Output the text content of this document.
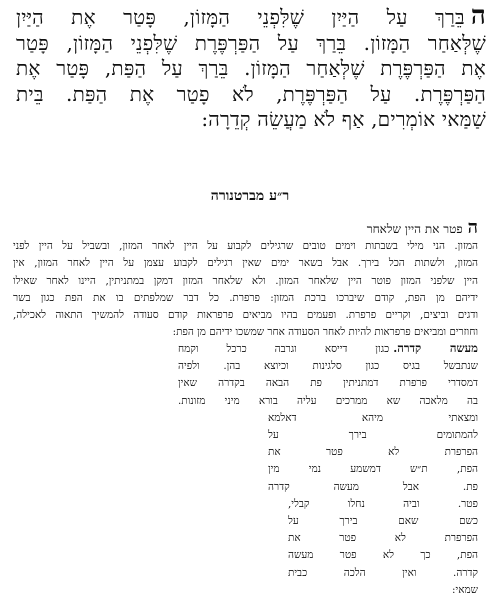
הבֵּרַךְ עַל הַיַּיִן שֶׁלִּפְנֵי הַמָּזוֹן, פָּטַר אֶת הַיַּיִן
שֶׁלְּאַחַר הַמָּזוֹן. בֵּרַךְ עַל הַפַּרְפֶּרֶת שֶׁלִּפְנֵי הַמָּזוֹן, פָּטַר
אֶת הַפַּרְפֶּרֶת שֶׁלְּאַחַר הַמָּזוֹן. בֵּרַךְ עַל הַפַּת, פָּטַר אֶת
הַפַּרְפֶּרֶת. עַל הַפַּרְפֶּרֶת, לֹא פָטַר אֶת הַפַּת. בֵּית
שַׁמַּאי אוֹמְרִים, אַף לֹא מַעֲשֵׂה קְדֵרָה:
ר״ע מברטנורה
הפטר את היין שלאחר
המזון. הני מילי בשבתות וימים טובים שרגילים לקבוע על היין לאחר המזון, ובשביל על היין לפני
המזון, ולשתות הכל בירך. אבל בשאר ימים שאין רגילים לקבוע עצמן על היין לאחר המזון, אין
היין שלפני המזון פוטר היין שלאחר המזון. ולא שלאחר המזון דמקן במתניתין, היינו לאחר שאילו
ידיהם מן הפת, קודם שיברכו ברכת המזון: פרפרת. כל דבר שמלפתים בו את הפת כגון בשר
ודגים וביצים, וקריים פרפרת. ופעמים בהיו מביאים פרפראות קודם סעודה להמשיך התאוה לאכילה,
וחוזרים ומביאים פרפראות להיות לאחר הסעודה אחר שמשכו ידיהם מן הפת:
מעשה קדרה.כגון דייסא וגרבה כרכל וקמח
שנתבשל בגיס כגון סלגינות וכיוצא בהן. ולפיה
דמסדרי פרפרת דמתניתין פת הבאה בקדרה שאין
בה מלאכה שא ממרכים עליה בורא מיני מזונות.
ומצאתי מיהא דאלמא
להמתומים בירך על
הפרפרת לא פטר את
הפת, ת״ש דמשמע נמי מין
פת. אבל מעשה קדרה
פטר. וביה נחלו קבלי,
כשם שאם בירך על
הפרפרת לא פטר את
הפת, כך לא פטר מעשה
קדרה. ואין הלכה כבית
שמאי:
